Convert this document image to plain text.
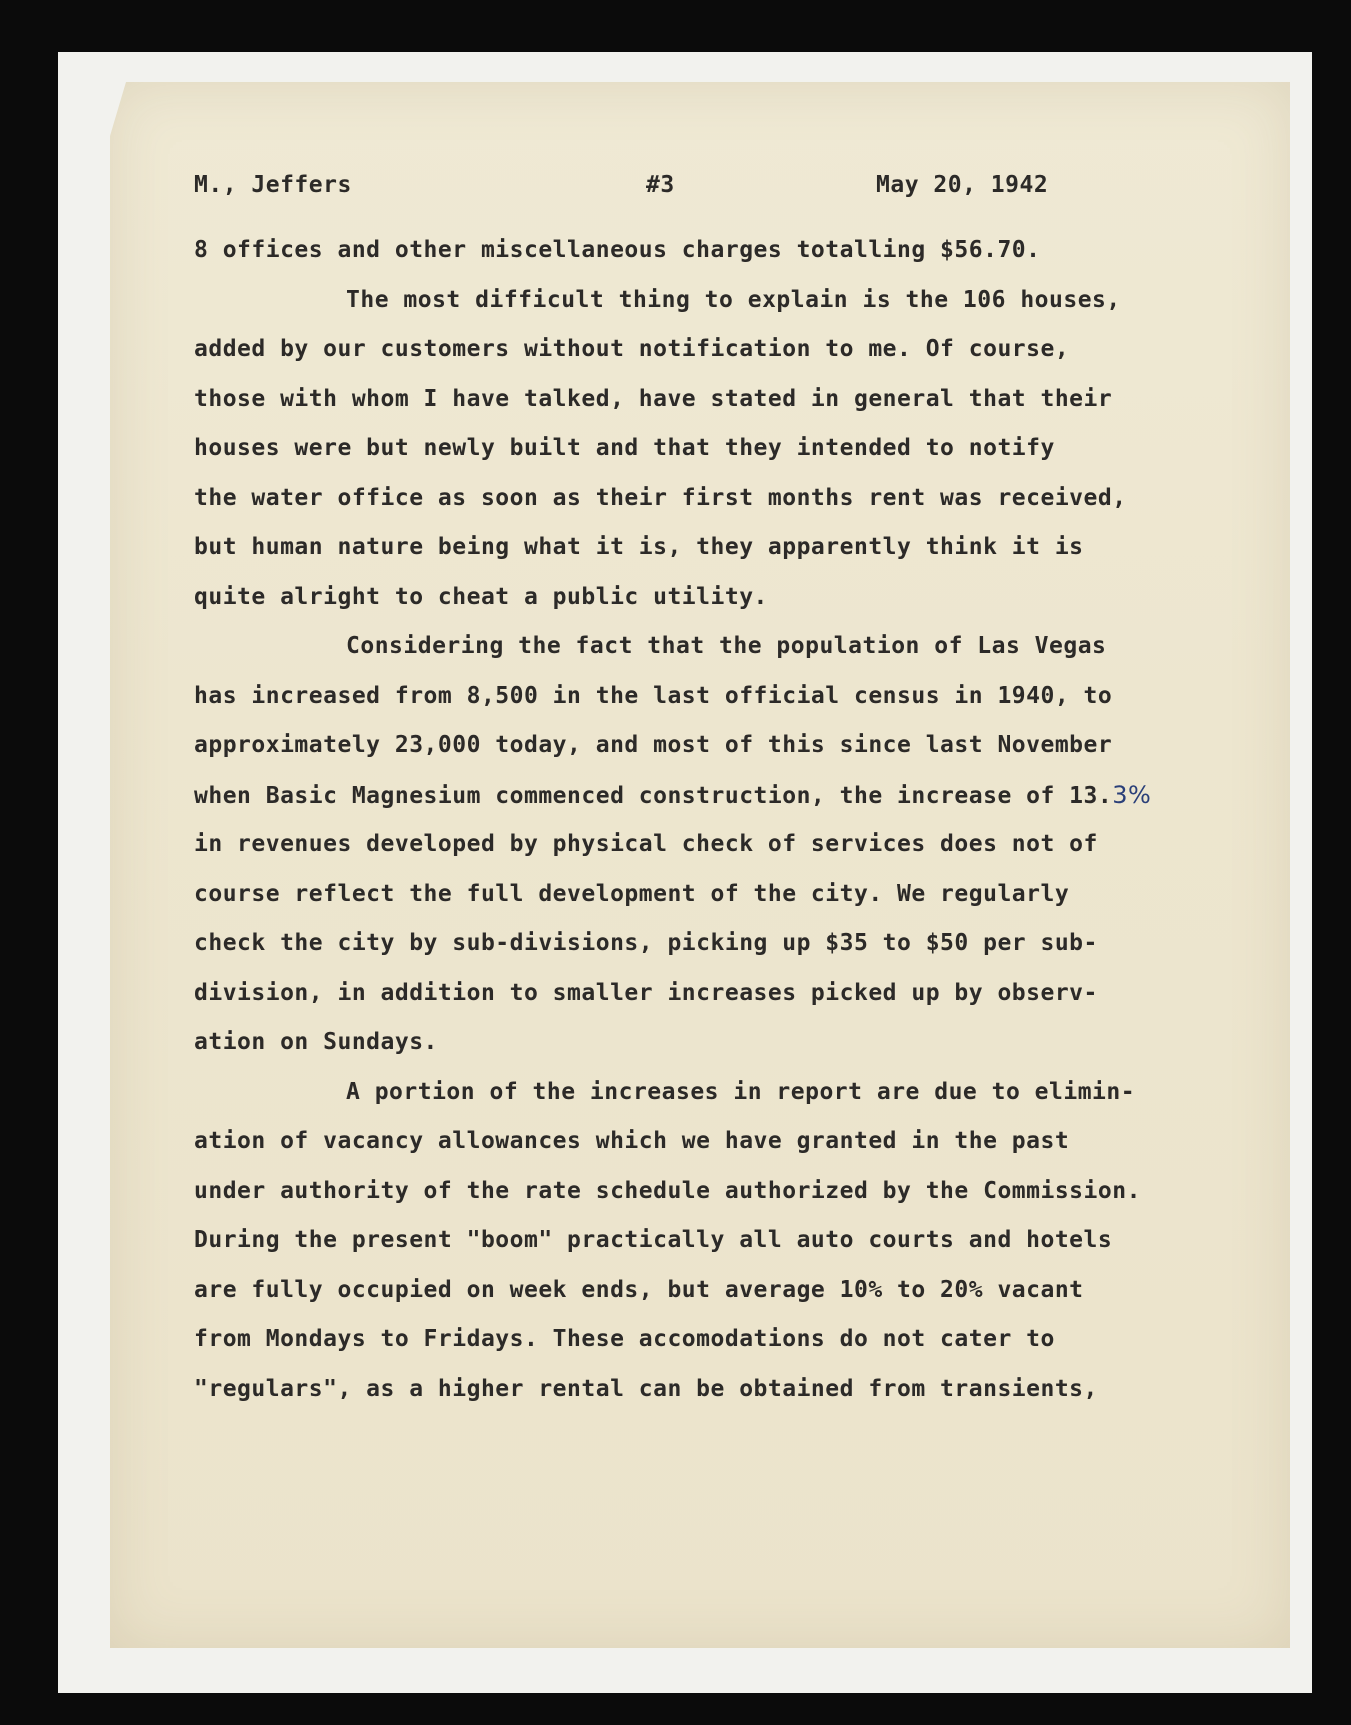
M., Jeffers	#3	May 20, 1942
8 offices and other miscellaneous charges totalling $56.70.
The most difficult thing to explain is the 106 houses,
added by our customers without notification to me. Of course,
those with whom I have talked, have stated in general that their
houses were but newly built and that they intended to notify
the water office as soon as their first months rent was received,
but human nature being what it is, they apparently think it is
quite alright to cheat a public utility.
Considering the fact that the population of Las Vegas
has increased from 8,500 in the last official census in 1940, to
approximately 23,000 today, and most of this since last November
when Basic Magnesium commenced construction, the increase of 13.3%
in revenues developed by physical check of services does not of
course reflect the full development of the city. We regularly
check the city by sub-divisions, picking up $35 to $50 per sub-
division, in addition to smaller increases picked up by observ-
ation on Sundays.
A portion of the increases in report are due to elimin-
ation of vacancy allowances which we have granted in the past
under authority of the rate schedule authorized by the Commission.
During the present "boom" practically all auto courts and hotels
are fully occupied on week ends, but average 10% to 20% vacant
from Mondays to Fridays. These accomodations do not cater to
"regulars", as a higher rental can be obtained from transients,
